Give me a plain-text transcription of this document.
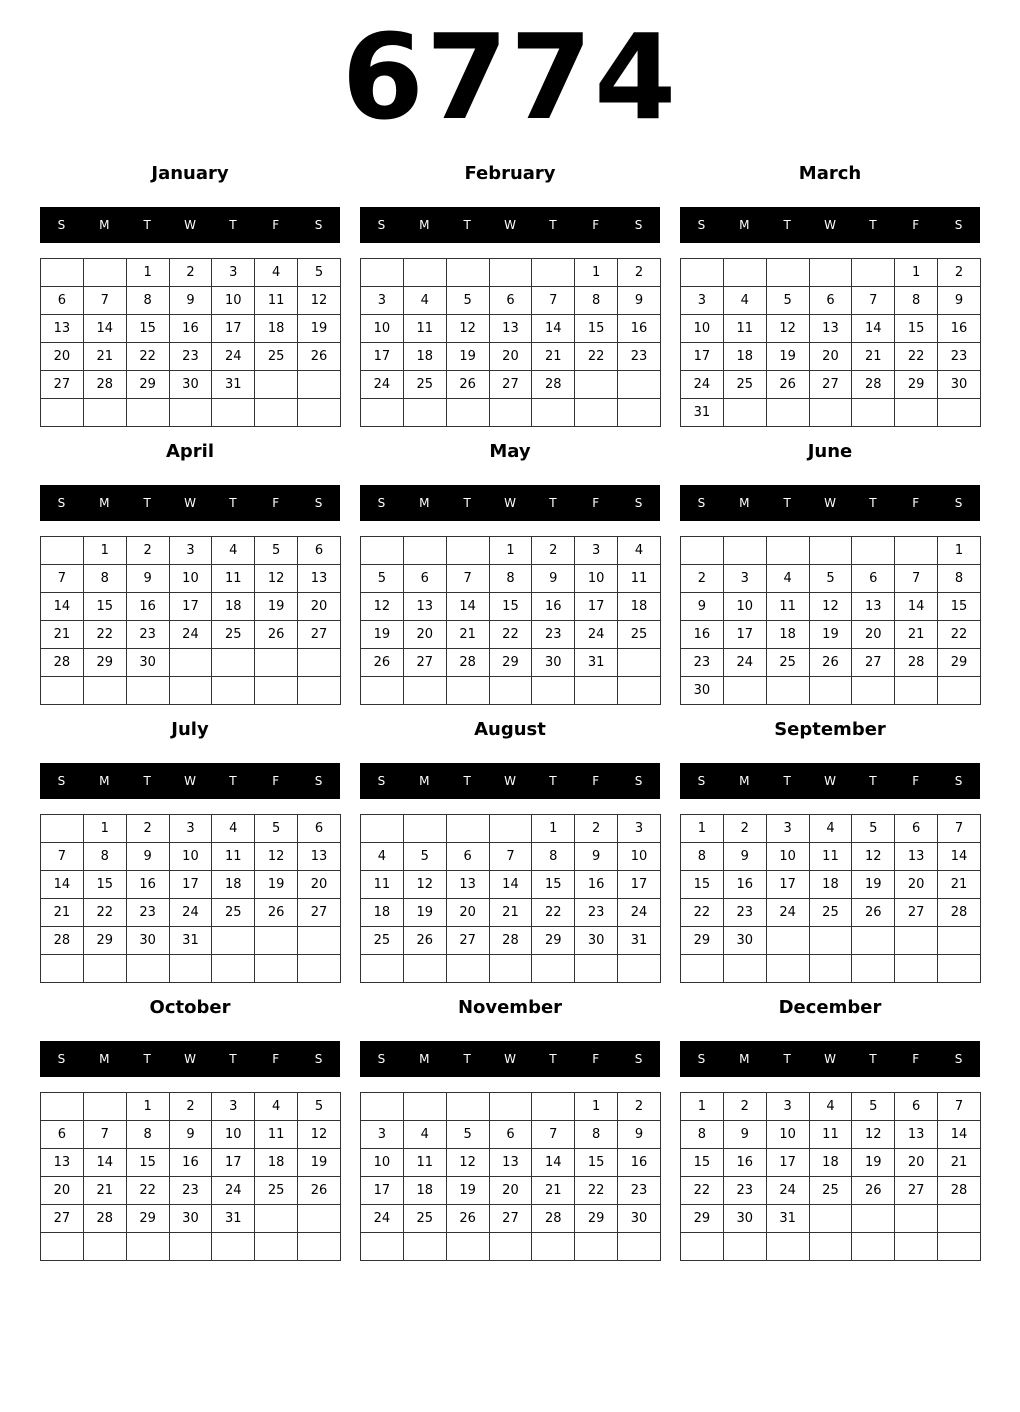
6774
January
S	M	T	W	T	F	S
		1	2	3	4	5
6	7	8	9	10	11	12
13	14	15	16	17	18	19
20	21	22	23	24	25	26
27	28	29	30	31		

February
S	M	T	W	T	F	S
					1	2
3	4	5	6	7	8	9
10	11	12	13	14	15	16
17	18	19	20	21	22	23
24	25	26	27	28		

March
S	M	T	W	T	F	S
					1	2
3	4	5	6	7	8	9
10	11	12	13	14	15	16
17	18	19	20	21	22	23
24	25	26	27	28	29	30
31						
April
S	M	T	W	T	F	S
	1	2	3	4	5	6
7	8	9	10	11	12	13
14	15	16	17	18	19	20
21	22	23	24	25	26	27
28	29	30				

May
S	M	T	W	T	F	S
			1	2	3	4
5	6	7	8	9	10	11
12	13	14	15	16	17	18
19	20	21	22	23	24	25
26	27	28	29	30	31	

June
S	M	T	W	T	F	S
						1
2	3	4	5	6	7	8
9	10	11	12	13	14	15
16	17	18	19	20	21	22
23	24	25	26	27	28	29
30						
July
S	M	T	W	T	F	S
	1	2	3	4	5	6
7	8	9	10	11	12	13
14	15	16	17	18	19	20
21	22	23	24	25	26	27
28	29	30	31			

August
S	M	T	W	T	F	S
				1	2	3
4	5	6	7	8	9	10
11	12	13	14	15	16	17
18	19	20	21	22	23	24
25	26	27	28	29	30	31

September
S	M	T	W	T	F	S
1	2	3	4	5	6	7
8	9	10	11	12	13	14
15	16	17	18	19	20	21
22	23	24	25	26	27	28
29	30					

October
S	M	T	W	T	F	S
		1	2	3	4	5
6	7	8	9	10	11	12
13	14	15	16	17	18	19
20	21	22	23	24	25	26
27	28	29	30	31		

November
S	M	T	W	T	F	S
					1	2
3	4	5	6	7	8	9
10	11	12	13	14	15	16
17	18	19	20	21	22	23
24	25	26	27	28	29	30

December
S	M	T	W	T	F	S
1	2	3	4	5	6	7
8	9	10	11	12	13	14
15	16	17	18	19	20	21
22	23	24	25	26	27	28
29	30	31				
